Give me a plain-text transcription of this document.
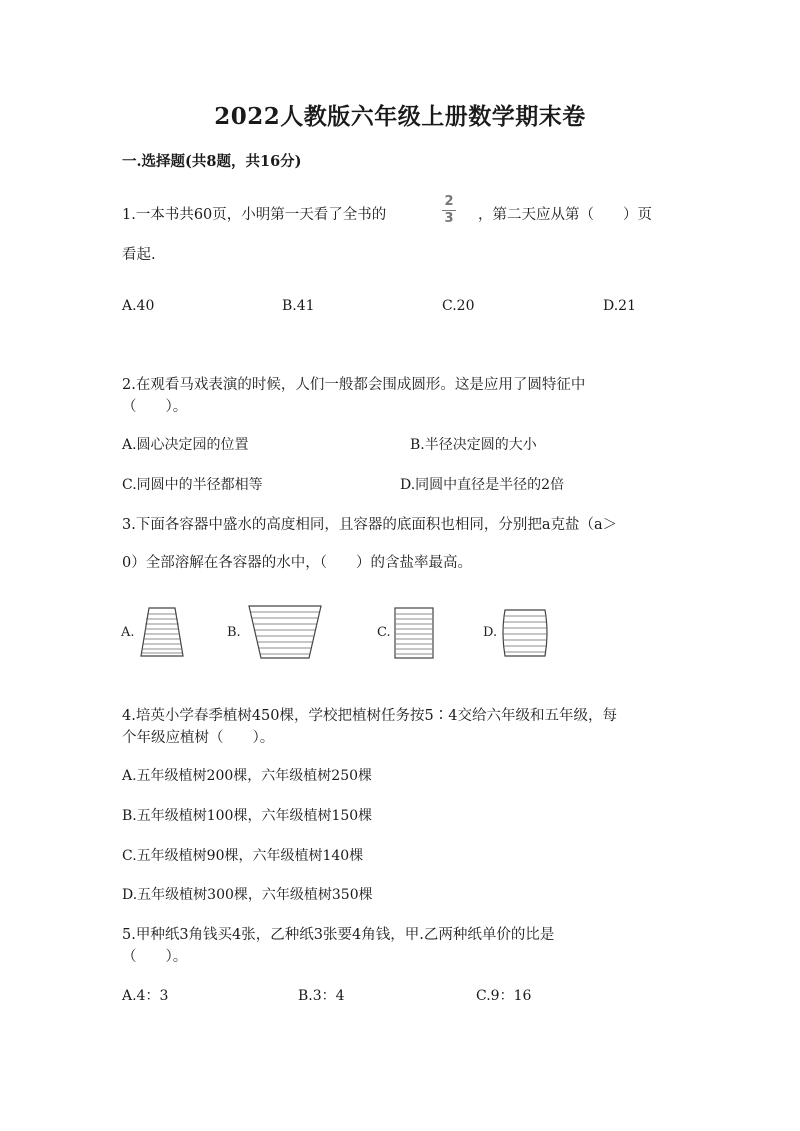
2022人教版六年级上册数学期末卷
一.选择题(共8题，共16分)
1.一本书共60页，小明第一天看了全书的
2
3 ，第二天应从第（　　）页
看起.
A.40	B.41	C.20	D.21
2.在观看马戏表演的时候，人们一般都会围成圆形。这是应用了圆特征中
（　　）。
A.圆心决定园的位置	B.半径决定圆的大小
C.同圆中的半径都相等	D.同圆中直径是半径的2倍
3.下面各容器中盛水的高度相同，且容器的底面积也相同，分别把a克盐（a＞
0）全部溶解在各容器的水中，（　　）的含盐率最高。
A.	B.	C.	D.
4.培英小学春季植树450棵，学校把植树任务按5∶4交给六年级和五年级，每
个年级应植树（　　）。
A.五年级植树200棵，六年级植树250棵
B.五年级植树100棵，六年级植树150棵
C.五年级植树90棵，六年级植树140棵
D.五年级植树300棵，六年级植树350棵
5.甲种纸3角钱买4张，乙种纸3张要4角钱，甲.乙两种纸单价的比是
（　　）。
A.4：3	B.3：4	C.9：16
